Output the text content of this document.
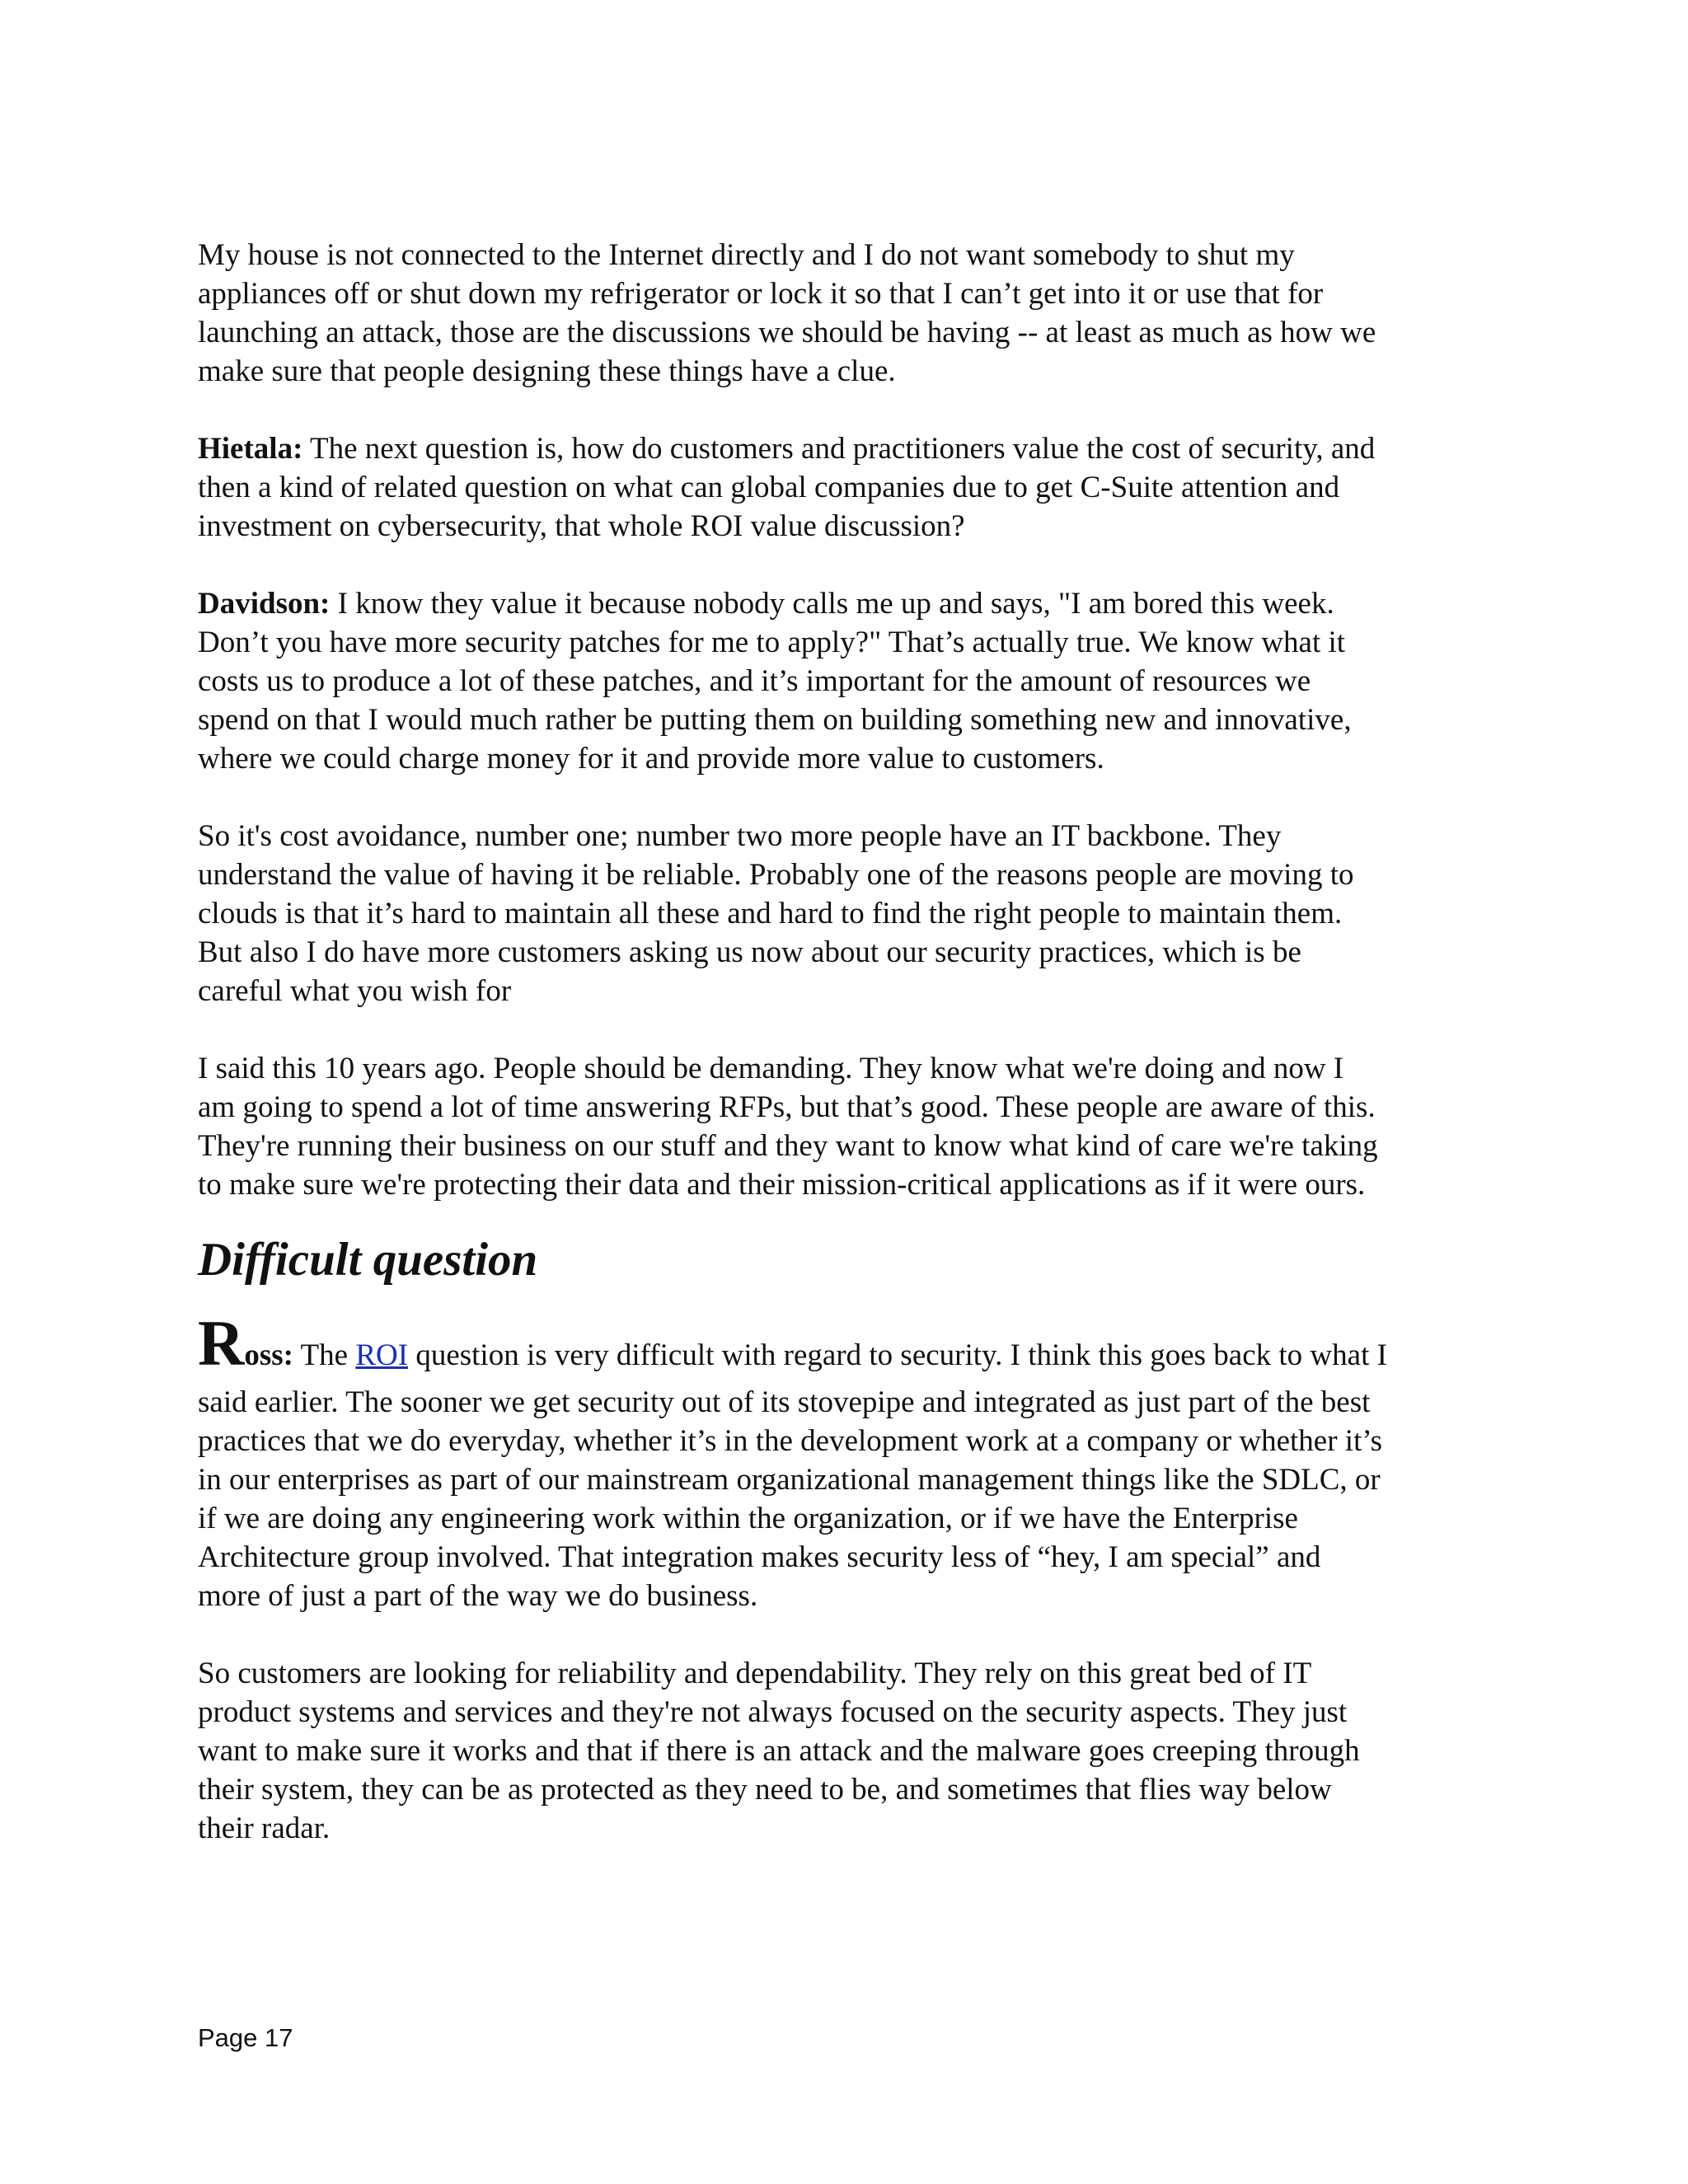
My house is not connected to the Internet directly and I do not want somebody to shut my
appliances off or shut down my refrigerator or lock it so that I can’t get into it or use that for
launching an attack, those are the discussions we should be having -- at least as much as how we
make sure that people designing these things have a clue.

Hietala: The next question is, how do customers and practitioners value the cost of security, and
then a kind of related question on what can global companies due to get C-Suite attention and
investment on cybersecurity, that whole ROI value discussion?

Davidson: I know they value it because nobody calls me up and says, "I am bored this week.
Don’t you have more security patches for me to apply?" That’s actually true. We know what it
costs us to produce a lot of these patches, and it’s important for the amount of resources we
spend on that I would much rather be putting them on building something new and innovative,
where we could charge money for it and provide more value to customers.

So it's cost avoidance, number one; number two more people have an IT backbone. They
understand the value of having it be reliable. Probably one of the reasons people are moving to
clouds is that it’s hard to maintain all these and hard to find the right people to maintain them.
But also I do have more customers asking us now about our security practices, which is be
careful what you wish for

I said this 10 years ago. People should be demanding. They know what we're doing and now I
am going to spend a lot of time answering RFPs, but that’s good. These people are aware of this.
They're running their business on our stuff and they want to know what kind of care we're taking
to make sure we're protecting their data and their mission-critical applications as if it were ours.

Difficult question
Ross: The ROI question is very difficult with regard to security. I think this goes back to what I
said earlier. The sooner we get security out of its stovepipe and integrated as just part of the best
practices that we do everyday, whether it’s in the development work at a company or whether it’s
in our enterprises as part of our mainstream organizational management things like the SDLC, or
if we are doing any engineering work within the organization, or if we have the Enterprise
Architecture group involved. That integration makes security less of “hey, I am special” and
more of just a part of the way we do business.

So customers are looking for reliability and dependability. They rely on this great bed of IT
product systems and services and they're not always focused on the security aspects. They just
want to make sure it works and that if there is an attack and the malware goes creeping through
their system, they can be as protected as they need to be, and sometimes that flies way below
their radar.

Page 17
